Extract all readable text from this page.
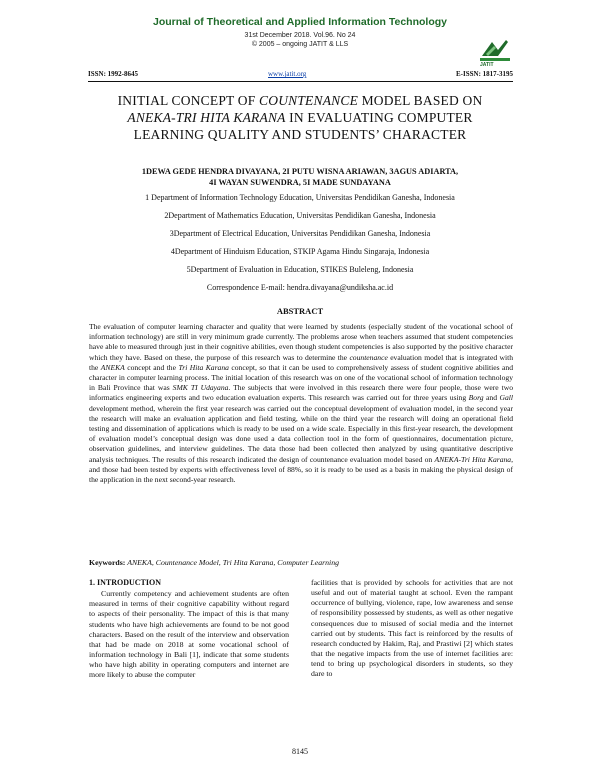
Journal of Theoretical and Applied Information Technology
31st December 2018. Vol.96. No 24
© 2005 – ongoing JATIT & LLS
JATIT
ISSN: 1992-8645	www.jatit.org	E-ISSN: 1817-3195
INITIAL CONCEPT OF COUNTENANCE MODEL BASED ON
ANEKA-TRI HITA KARANA IN EVALUATING COMPUTER
LEARNING QUALITY AND STUDENTS’ CHARACTER
1DEWA GEDE HENDRA DIVAYANA, 2I PUTU WISNA ARIAWAN, 3AGUS ADIARTA,
4I WAYAN SUWENDRA, 5I MADE SUNDAYANA
1 Department of Information Technology Education, Universitas Pendidikan Ganesha, Indonesia
2Department of Mathematics Education, Universitas Pendidikan Ganesha, Indonesia
3Department of Electrical Education, Universitas Pendidikan Ganesha, Indonesia
4Department of Hinduism Education, STKIP Agama Hindu Singaraja, Indonesia
5Department of Evaluation in Education, STIKES Buleleng, Indonesia
Correspondence E-mail: hendra.divayana@undiksha.ac.id
ABSTRACT
The evaluation of computer learning character and quality that were learned by students (especially student of the vocational school of information technology) are still in very minimum grade currently. The problems arose when teachers assumed that student competencies have able to measured through just in their cognitive abilities, even though student competencies is also supported by the positive character which they have. Based on these, the purpose of this research was to determine the countenance evaluation model that is integrated with the ANEKA concept and the Tri Hita Karana concept, so that it can be used to comprehensively assess of student cognitive abilities and character in computer learning process. The initial location of this research was on one of the vocational school of information technology in Bali Province that was SMK TI Udayana. The subjects that were involved in this research there were four people, those were two informatics engineering experts and two education evaluation experts. This research was carried out for three years using Borg and Gall development method, wherein the first year research was carried out the conceptual development of evaluation model, in the second year the research will make an evaluation application and field testing, while on the third year the research will doing an operational field testing and dissemination of applications which is ready to be used on a wide scale. Especially in this first-year research, the development of evaluation model’s conceptual design was done used a data collection tool in the form of questionnaires, documentation picture, observation guidelines, and interview guidelines. The data those had been collected then analyzed by using quantitative descriptive analysis techniques. The results of this research indicated the design of countenance evaluation model based on ANEKA-Tri Hita Karana, and those had been tested by experts with effectiveness level of 88%, so it is ready to be used as a basis in making the physical design of the application in the next second-year research.
Keywords: ANEKA, Countenance Model, Tri Hita Karana, Computer Learning
1. INTRODUCTION
Currently competency and achievement students are often measured in terms of their cognitive capability without regard to aspects of their personality. The impact of this is that many students who have high achievements are found to be not good characters. Based on the result of the interview and observation that had be made on 2018 at some vocational school of information technology in Bali [1], indicate that some students who have high ability in operating computers and internet are more likely to abuse the computer
facilities that is provided by schools for activities that are not useful and out of material taught at school. Even the rampant occurrence of bullying, violence, rape, low awareness and sense of responsibility possessed by students, as well as other negative consequences due to misused of social media and the internet carried out by students. This fact is reinforced by the results of research conducted by Hakim, Raj, and Prastiwi [2] which states that the negative impacts from the use of internet facilities are: tend to bring up psychological disorders in students, so they dare to
8145
